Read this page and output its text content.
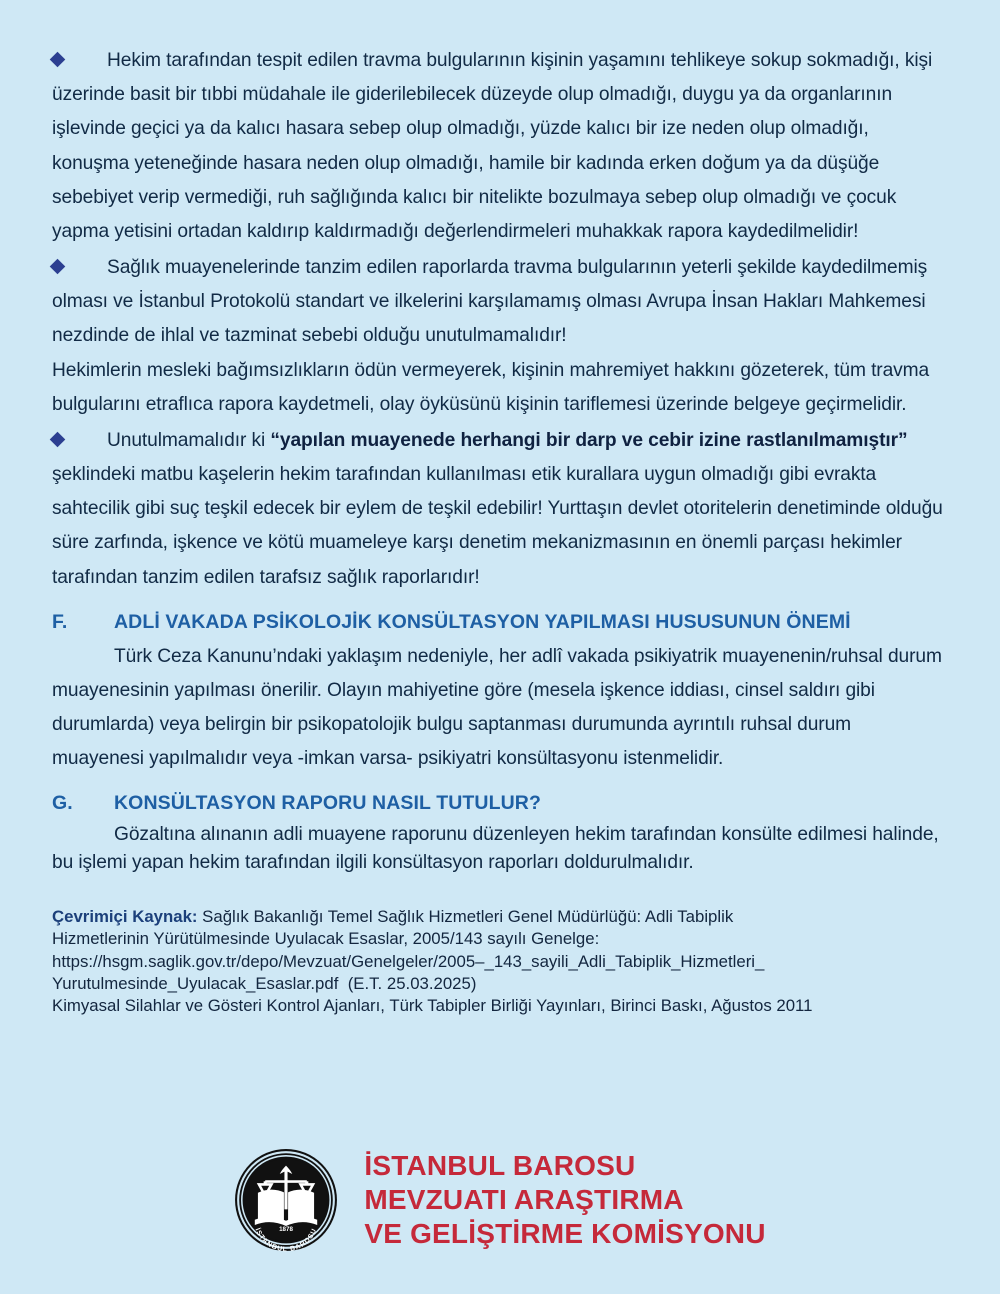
Hekim tarafından tespit edilen travma bulgularının kişinin yaşamını tehlikeye sokup sokmadığı, kişi üzerinde basit bir tıbbi müdahale ile giderilebilecek düzeyde olup olmadığı, duygu ya da organlarının işlevinde geçici ya da kalıcı hasara sebep olup olmadığı, yüzde kalıcı bir ize neden olup olmadığı, konuşma yeteneğinde hasara neden olup olmadığı, hamile bir kadında erken doğum ya da düşüğe sebebiyet verip vermediği, ruh sağlığında kalıcı bir nitelikte bozulmaya sebep olup olmadığı ve çocuk yapma yetisini ortadan kaldırıp kaldırmadığı değerlendirmeleri muhakkak rapora kaydedilmelidir!

Sağlık muayenelerinde tanzim edilen raporlarda travma bulgularının yeterli şekilde kaydedilmemiş olması ve İstanbul Protokolü standart ve ilkelerini karşılamamış olması Avrupa İnsan Hakları Mahkemesi nezdinde de ihlal ve tazminat sebebi olduğu unutulmamalıdır!

Hekimlerin mesleki bağımsızlıkların ödün vermeyerek, kişinin mahremiyet hakkını gözeterek, tüm travma bulgularını etraflıca rapora kaydetmeli, olay öyküsünü kişinin tariflemesi üzerinde belgeye geçirmelidir.

Unutulmamalıdır ki “yapılan muayenede herhangi bir darp ve cebir izine rastlanılmamıştır” şeklindeki matbu kaşelerin hekim tarafından kullanılması etik kurallara uygun olmadığı gibi evrakta sahtecilik gibi suç teşkil edecek bir eylem de teşkil edebilir! Yurttaşın devlet otoritelerin denetiminde olduğu süre zarfında, işkence ve kötü muameleye karşı denetim mekanizmasının en önemli parçası hekimler tarafından tanzim edilen tarafsız sağlık raporlarıdır!

F.	ADLİ VAKADA PSİKOLOJİK KONSÜLTASYON YAPILMASI HUSUSUNUN ÖNEMİ

Türk Ceza Kanunu’ndaki yaklaşım nedeniyle, her adlî vakada psikiyatrik muayenenin/ruhsal durum muayenesinin yapılması önerilir. Olayın mahiyetine göre (mesela işkence iddiası, cinsel saldırı gibi durumlarda) veya belirgin bir psikopatolojik bulgu saptanması durumunda ayrıntılı ruhsal durum muayenesi yapılmalıdır veya -imkan varsa- psikiyatri konsültasyonu istenmelidir.

G.	KONSÜLTASYON RAPORU NASIL TUTULUR?

Gözaltına alınanın adli muayene raporunu düzenleyen hekim tarafından konsülte edilmesi halinde, bu işlemi yapan hekim tarafından ilgili konsültasyon raporları doldurulmalıdır.

Çevrimiçi Kaynak: Sağlık Bakanlığı Temel Sağlık Hizmetleri Genel Müdürlüğü: Adli Tabiplik
Hizmetlerinin Yürütülmesinde Uyulacak Esaslar, 2005/143 sayılı Genelge:
https://hsgm.saglik.gov.tr/depo/Mevzuat/Genelgeler/2005–_143_sayili_Adli_Tabiplik_Hizmetleri_
Yurutulmesinde_Uyulacak_Esaslar.pdf  (E.T. 25.03.2025)
Kimyasal Silahlar ve Gösteri Kontrol Ajanları, Türk Tabipler Birliği Yayınları, Birinci Baskı, Ağustos 2011
1878
İSTANBUL BAROSU
İSTANBUL BAROSU
MEVZUATI ARAŞTIRMA
VE GELİŞTİRME KOMİSYONU
